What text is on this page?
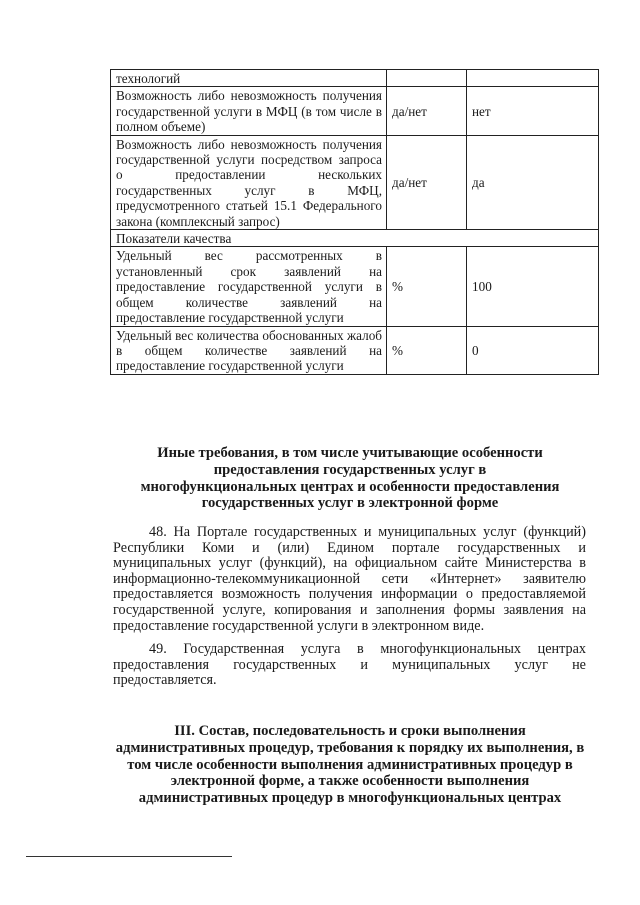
технологий		
Возможность либо невозможность получения государственной услуги в МФЦ (в том числе в полном объеме)	да/нет	нет
Возможность либо невозможность получения государственной услуги посредством запроса о предоставлении нескольких государственных услуг в МФЦ, предусмотренного статьей 15.1 Федерального закона (комплексный запрос)	да/нет	да
Показатели качества		
Удельный вес рассмотренных в установленный срок заявлений на предоставление государственной услуги в общем количестве заявлений на предоставление государственной услуги	%	100
Удельный вес количества обоснованных жалоб в общем количестве заявлений на предоставление государственной услуги	%	0
Иные требования, в том числе учитывающие особенности предоставления государственных услуг в многофункциональных центрах и особенности предоставления государственных услуг в электронной форме
48. На Портале государственных и муниципальных услуг (функций) Республики Коми и (или) Едином портале государственных и муниципальных услуг (функций), на официальном сайте Министерства в информационно-телекоммуникационной сети «Интернет» заявителю предоставляется возможность получения информации о предоставляемой государственной услуге, копирования и заполнения формы заявления на предоставление государственной услуги в электронном виде.
49. Государственная услуга в многофункциональных центрах предоставления государственных и муниципальных услуг не предоставляется.
III. Состав, последовательность и сроки выполнения административных процедур, требования к порядку их выполнения, в том числе особенности выполнения административных процедур в электронной форме, а также особенности выполнения административных процедур в многофункциональных центрах
